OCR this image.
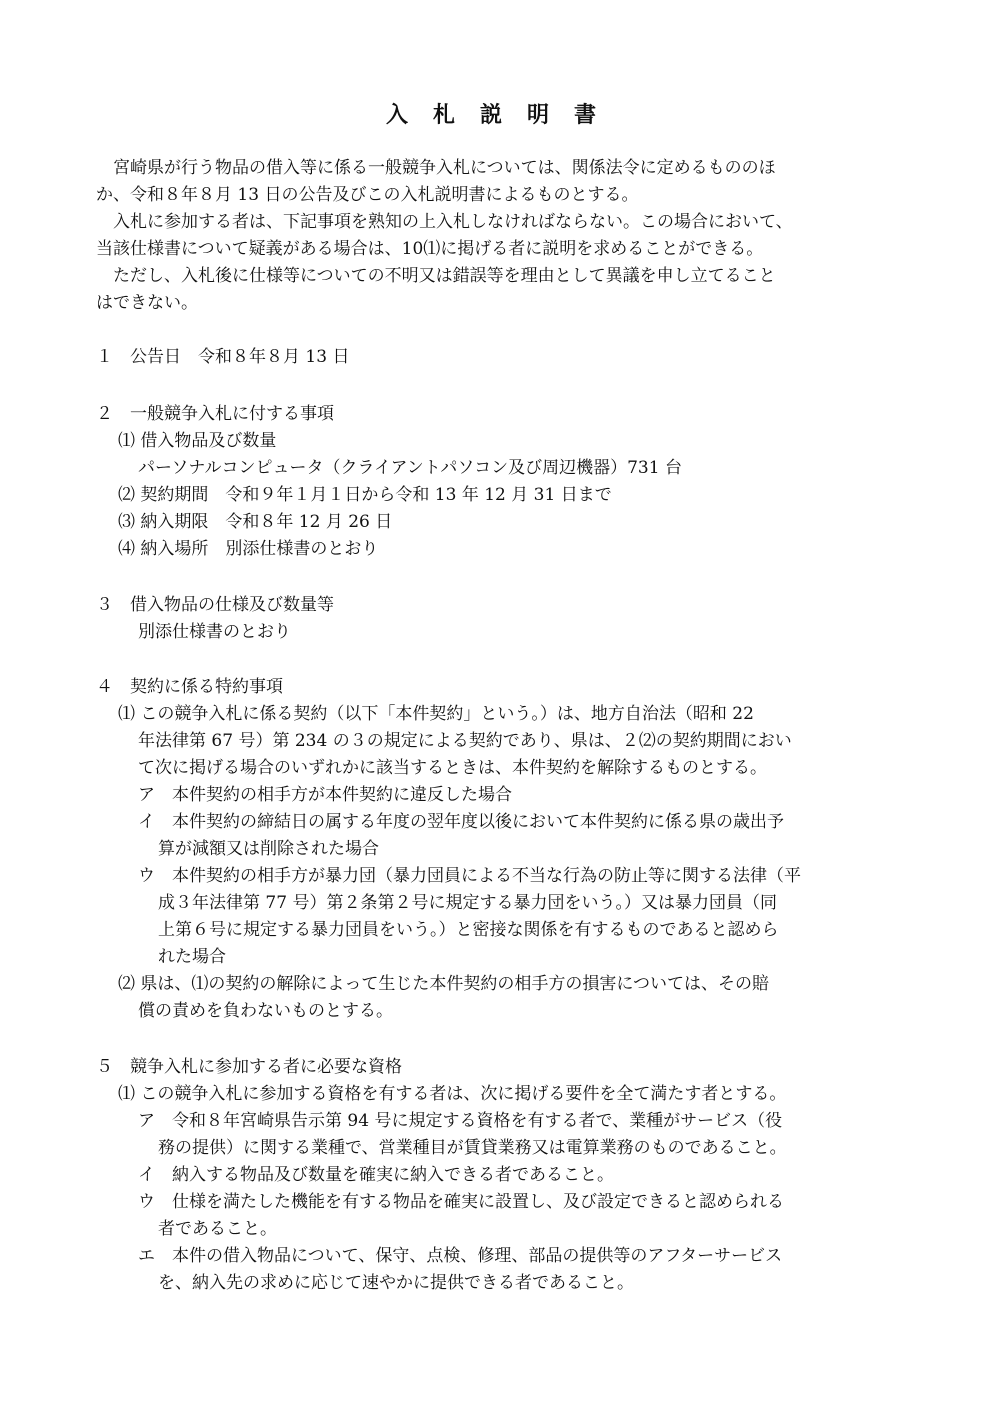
入札説明書

　宮崎県が行う物品の借入等に係る一般競争入札については、関係法令に定めるもののほ

か、令和８年８月 13 日の公告及びこの入札説明書によるものとする。

　入札に参加する者は、下記事項を熟知の上入札しなければならない。この場合において、

当該仕様書について疑義がある場合は、10⑴に掲げる者に説明を求めることができる。

　ただし、入札後に仕様等についての不明又は錯誤等を理由として異議を申し立てること

はできない。

１　公告日　令和８年８月 13 日

２　一般競争入札に付する事項

⑴ 借入物品及び数量

パーソナルコンピュータ（クライアントパソコン及び周辺機器）731 台

⑵ 契約期間　令和９年１月１日から令和 13 年 12 月 31 日まで

⑶ 納入期限　令和８年 12 月 26 日

⑷ 納入場所　別添仕様書のとおり

３　借入物品の仕様及び数量等

別添仕様書のとおり

４　契約に係る特約事項

⑴ この競争入札に係る契約（以下「本件契約」という。）は、地方自治法（昭和 22

年法律第 67 号）第 234 の３の規定による契約であり、県は、２⑵の契約期間におい

て次に掲げる場合のいずれかに該当するときは、本件契約を解除するものとする。

ア　本件契約の相手方が本件契約に違反した場合

イ　本件契約の締結日の属する年度の翌年度以後において本件契約に係る県の歳出予

算が減額又は削除された場合

ウ　本件契約の相手方が暴力団（暴力団員による不当な行為の防止等に関する法律（平

成３年法律第 77 号）第２条第２号に規定する暴力団をいう。）又は暴力団員（同

上第６号に規定する暴力団員をいう。）と密接な関係を有するものであると認めら

れた場合

⑵ 県は、⑴の契約の解除によって生じた本件契約の相手方の損害については、その賠

償の責めを負わないものとする。

５　競争入札に参加する者に必要な資格

⑴ この競争入札に参加する資格を有する者は、次に掲げる要件を全て満たす者とする。

ア　令和８年宮崎県告示第 94 号に規定する資格を有する者で、業種がサービス（役

務の提供）に関する業種で、営業種目が賃貸業務又は電算業務のものであること。

イ　納入する物品及び数量を確実に納入できる者であること。

ウ　仕様を満たした機能を有する物品を確実に設置し、及び設定できると認められる

者であること。

エ　本件の借入物品について、保守、点検、修理、部品の提供等のアフターサービス

を、納入先の求めに応じて速やかに提供できる者であること。
